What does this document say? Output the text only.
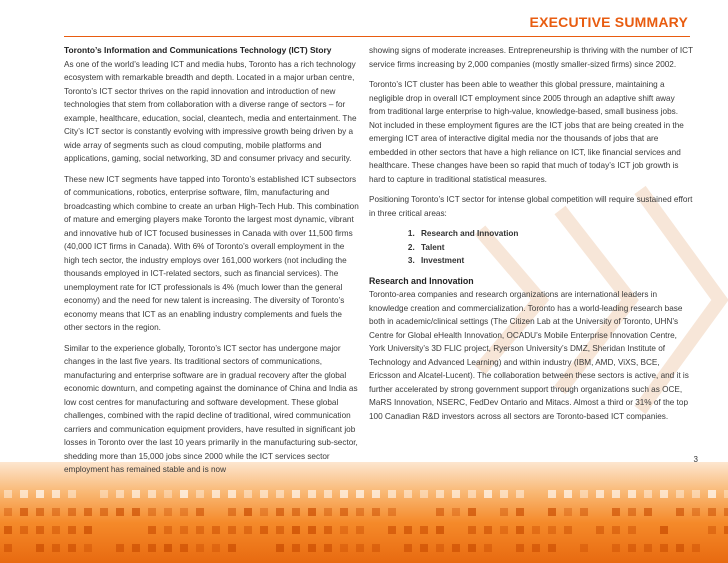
EXECUTIVE SUMMARY
Toronto’s Information and Communications Technology (ICT) Story

As one of the world’s leading ICT and media hubs, Toronto has a rich technology ecosystem with remarkable breadth and depth. Located in a major urban centre, Toronto’s ICT sector thrives on the rapid innovation and introduction of new technologies that stem from collaboration with a diverse range of sectors – for example, healthcare, education, social, cleantech, media and entertainment. The City’s ICT sector is constantly evolving with impressive growth being driven by a wide array of segments such as cloud computing, mobile platforms and applications, gaming, social networking, 3D and consumer privacy and security.

These new ICT segments have tapped into Toronto’s established ICT subsectors of communications, robotics, enterprise software, film, manufacturing and broadcasting which combine to create an urban High-Tech Hub. This combination of mature and emerging players make Toronto the largest most dynamic, vibrant and innovative hub of ICT focused businesses in Canada with over 11,500 firms (40,000 ICT firms in Canada). With 6% of Toronto’s overall employment in the high tech sector, the industry employs over 161,000 workers (not including the thousands employed in ICT-related sectors, such as financial services). The unemployment rate for ICT professionals is 4% (much lower than the general economy) and the need for new talent is increasing. The diversity of Toronto’s economy means that ICT as an enabling industry complements and fuels the other sectors in the region.

Similar to the experience globally, Toronto’s ICT sector has undergone major changes in the last five years. Its traditional sectors of communications, manufacturing and enterprise software are in gradual recovery after the global economic downturn, and competing against the dominance of China and India as low cost centres for manufacturing and software development. These global challenges, combined with the rapid decline of traditional, wired communication carriers and communication equipment providers, have resulted in significant job losses in Toronto over the last 10 years primarily in the manufacturing sub-sector, shedding more than 15,000 jobs since 2000 while the ICT services sector employment has remained stable and is now

showing signs of moderate increases. Entrepreneurship is thriving with the number of ICT service firms increasing by 2,000 companies (mostly smaller-sized firms) since 2002.

Toronto’s ICT cluster has been able to weather this global pressure, maintaining a negligible drop in overall ICT employment since 2005 through an adaptive shift away from traditional large enterprise to high-value, knowledge-based, small business jobs. Not included in these employment figures are the ICT jobs that are being created in the emerging ICT area of interactive digital media nor the thousands of jobs that are embedded in other sectors that have a high reliance on ICT, like financial services and healthcare. These changes have been so rapid that much of today’s ICT job growth is hard to capture in traditional statistical measures.

Positioning Toronto’s ICT sector for intense global competition will require sustained effort in three critical areas:

1. Research and Innovation
2. Talent
3. Investment
Research and Innovation

Toronto-area companies and research organizations are international leaders in knowledge creation and commercialization. Toronto has a world-leading research base both in academic/clinical settings (The Citizen Lab at the University of Toronto, UHN’s Centre for Global eHealth Innovation, OCADU’s Mobile Enterprise Innovation Centre, York University’s 3D FLIC project, Ryerson University’s DMZ, Sheridan Institute of Technology and Advanced Learning) and within industry (IBM, AMD, ViXS, BCE, Ericsson and Alcatel-Lucent). The collaboration between these sectors is active, and it is further accelerated by strong government support through organizations such as OCE, MaRS Innovation, NSERC, FedDev Ontario and Mitacs. Almost a third or 31% of the top 100 Canadian R&D investors across all sectors are Toronto-based ICT companies.

3
